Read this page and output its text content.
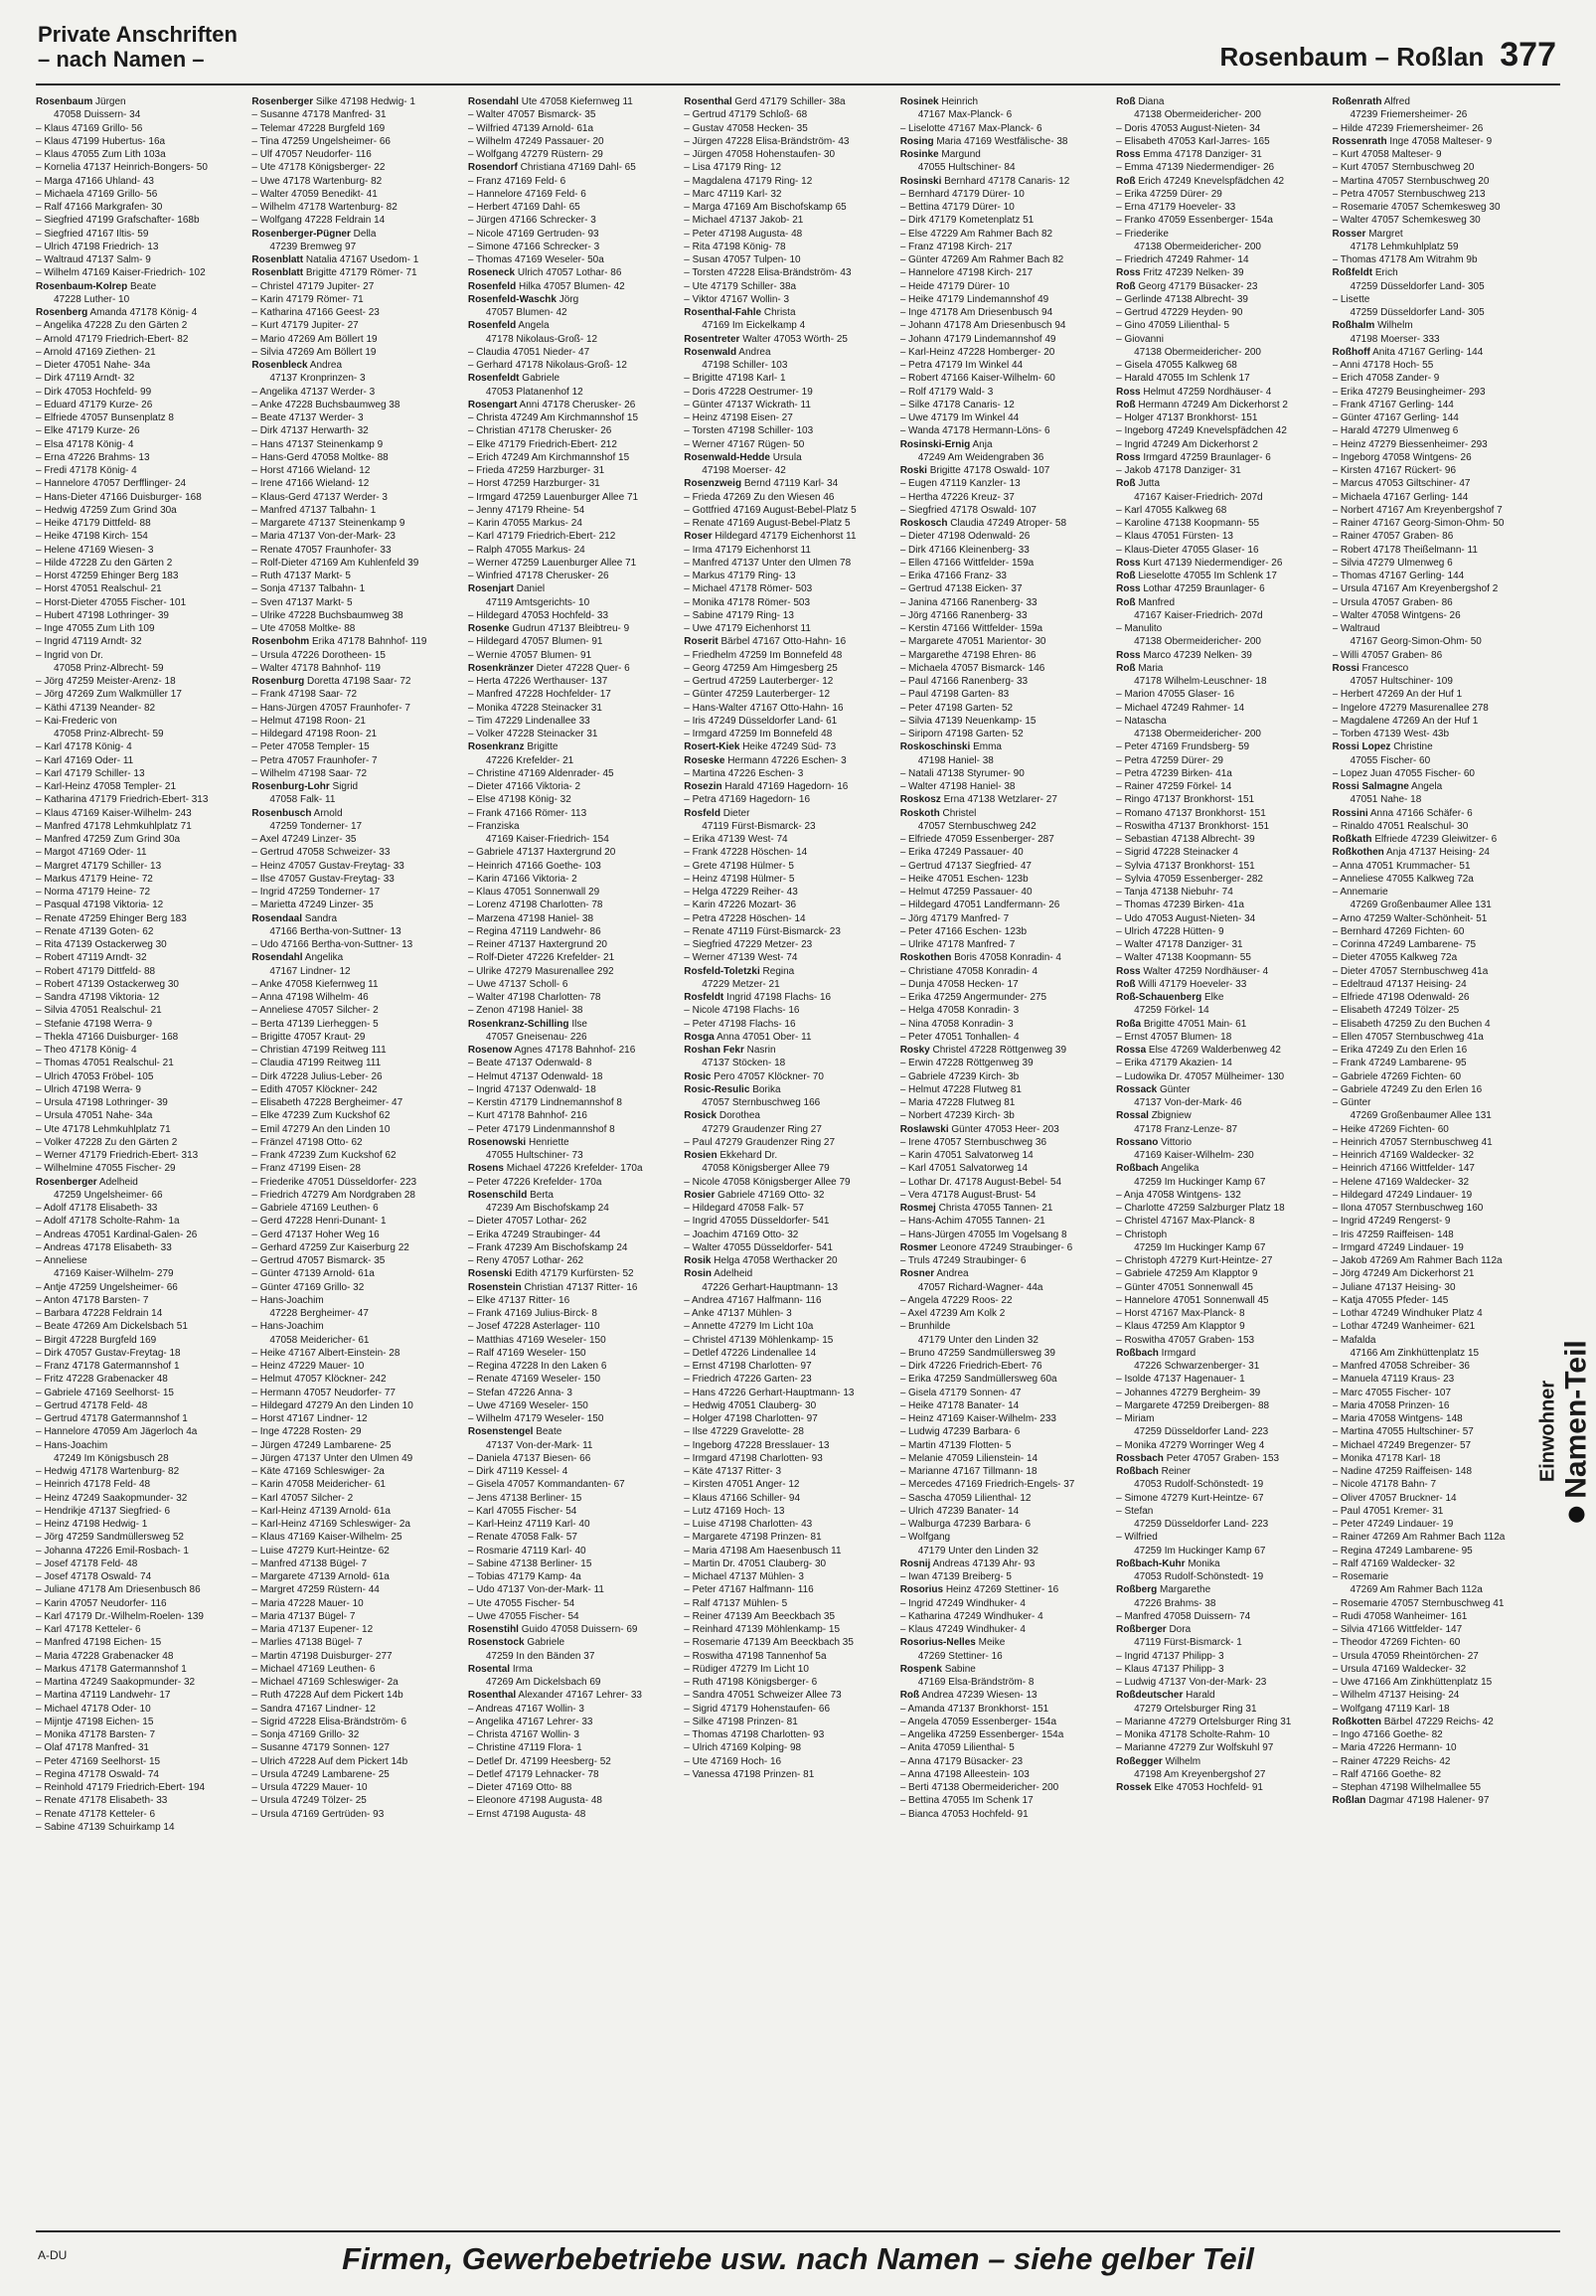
Private Anschriften
– nach Namen –	Rosenbaum – Roßlan 377
Rosenbaum Jürgen
47058 Duissern- 34
– Klaus 47169 Grillo- 56
– Klaus 47199 Hubertus- 16a
– Klaus 47055 Zum Lith 103a
– Kornelia 47137 Heinrich-Bongers- 50
– Marga 47166 Uhland- 43
– Michaela 47169 Grillo- 56
– Ralf 47166 Markgrafen- 30
– Siegfried 47199 Grafschafter- 168b
– Siegfried 47167 Iltis- 59
– Ulrich 47198 Friedrich- 13
– Waltraud 47137 Salm- 9
– Wilhelm 47169 Kaiser-Friedrich- 102
Rosenbaum-Kolrep Beate
47228 Luther- 10
Rosenberg Amanda 47178 König- 4
– Angelika 47228 Zu den Gärten 2
– Arnold 47179 Friedrich-Ebert- 82
– Arnold 47169 Ziethen- 21
– Dieter 47051 Nahe- 34a
– Dirk 47119 Arndt- 32
– Dirk 47053 Hochfeld- 99
– Eduard 47179 Kurze- 26
– Elfriede 47057 Bunsenplatz 8
– Elke 47179 Kurze- 26
– Elsa 47178 König- 4
– Erna 47226 Brahms- 13
– Fredi 47178 König- 4
– Hannelore 47057 Derfflinger- 24
– Hans-Dieter 47166 Duisburger- 168
– Hedwig 47259 Zum Grind 30a
– Heike 47179 Dittfeld- 88
– Heike 47198 Kirch- 154
– Helene 47169 Wiesen- 3
– Hilde 47228 Zu den Gärten 2
– Horst 47259 Ehinger Berg 183
– Horst 47051 Realschul- 21
– Horst-Dieter 47055 Fischer- 101
– Hubert 47198 Lothringer- 39
– Inge 47055 Zum Lith 109
– Ingrid 47119 Arndt- 32
– Ingrid von Dr.
47058 Prinz-Albrecht- 59
– Jörg 47259 Meister-Arenz- 18
– Jörg 47269 Zum Walkmüller 17
– Käthi 47139 Neander- 82
– Kai-Frederic von
47058 Prinz-Albrecht- 59
– Karl 47178 König- 4
– Karl 47169 Oder- 11
– Karl 47179 Schiller- 13
– Karl-Heinz 47058 Templer- 21
– Katharina 47179 Friedrich-Ebert- 313
– Klaus 47169 Kaiser-Wilhelm- 243
– Manfred 47178 Lehmkuhlplatz 71
– Manfred 47259 Zum Grind 30a
– Margot 47169 Oder- 11
– Margret 47179 Schiller- 13
– Markus 47179 Heine- 72
– Norma 47179 Heine- 72
– Pasqual 47198 Viktoria- 12
– Renate 47259 Ehinger Berg 183
– Renate 47139 Goten- 62
– Rita 47139 Ostackerweg 30
– Robert 47119 Arndt- 32
– Robert 47179 Dittfeld- 88
– Robert 47139 Ostackerweg 30
– Sandra 47198 Viktoria- 12
– Silvia 47051 Realschul- 21
– Stefanie 47198 Werra- 9
– Thekla 47166 Duisburger- 168
– Theo 47178 König- 4
– Thomas 47051 Realschul- 21
– Ulrich 47053 Fröbel- 105
– Ulrich 47198 Werra- 9
– Ursula 47198 Lothringer- 39
– Ursula 47051 Nahe- 34a
– Ute 47178 Lehmkuhlplatz 71
– Volker 47228 Zu den Gärten 2
– Werner 47179 Friedrich-Ebert- 313
– Wilhelmine 47055 Fischer- 29
Rosenberger Adelheid
47259 Ungelsheimer- 66
– Adolf 47178 Elisabeth- 33
– Adolf 47178 Scholte-Rahm- 1a
– Andreas 47051 Kardinal-Galen- 26
– Andreas 47178 Elisabeth- 33
– Anneliese
47169 Kaiser-Wilhelm- 279
– Antje 47259 Ungelsheimer- 66
– Anton 47178 Barsten- 7
– Barbara 47228 Feldrain 14
– Beate 47269 Am Dickelsbach 51
– Birgit 47228 Burgfeld 169
– Dirk 47057 Gustav-Freytag- 18
– Franz 47178 Gatermannshof 1
– Fritz 47228 Grabenacker 48
– Gabriele 47169 Seelhorst- 15
– Gertrud 47178 Feld- 48
– Gertrud 47178 Gatermannshof 1
– Hannelore 47059 Am Jägerloch 4a
– Hans-Joachim
47249 Im Königsbusch 28
– Hedwig 47178 Wartenburg- 82
– Heinrich 47178 Feld- 48
– Heinz 47249 Saakopmunder- 32
– Hendrikje 47137 Siegfried- 6
– Heinz 47198 Hedwig- 1
– Jörg 47259 Sandmüllersweg 52
– Johanna 47226 Emil-Rosbach- 1
– Josef 47178 Feld- 48
– Josef 47178 Oswald- 74
– Juliane 47178 Am Driesenbusch 86
– Karin 47057 Neudorfer- 116
– Karl 47179 Dr.-Wilhelm-Roelen- 139
– Karl 47178 Ketteler- 6
– Manfred 47198 Eichen- 15
– Maria 47228 Grabenacker 48
– Markus 47178 Gatermannshof 1
– Martina 47249 Saakopmunder- 32
– Martina 47119 Landwehr- 17
– Michael 47178 Oder- 10
– Mijntje 47198 Eichen- 15
– Monika 47178 Barsten- 7
– Olaf 47178 Manfred- 31
– Peter 47169 Seelhorst- 15
– Regina 47178 Oswald- 74
– Reinhold 47179 Friedrich-Ebert- 194
– Renate 47178 Elisabeth- 33
– Renate 47178 Ketteler- 6
– Sabine 47139 Schuirkamp 14
Rosenberger Silke 47198 Hedwig- 1
– Susanne 47178 Manfred- 31
– Telemar 47228 Burgfeld 169
– Tina 47259 Ungelsheimer- 66
– Ulf 47057 Neudorfer- 116
– Ute 47178 Königsberger- 22
– Uwe 47178 Wartenburg- 82
– Walter 47059 Benedikt- 41
– Wilhelm 47178 Wartenburg- 82
– Wolfgang 47228 Feldrain 14
Rosenberger-Pügner Della
47239 Bremweg 97
Rosenblatt Natalia 47167 Usedom- 1
Rosenblatt Brigitte 47179 Römer- 71
– Christel 47179 Jupiter- 27
– Karin 47179 Römer- 71
– Katharina 47166 Geest- 23
– Kurt 47179 Jupiter- 27
– Mario 47269 Am Böllert 19
– Silvia 47269 Am Böllert 19
Rosenbleck Andrea
47137 Kronprinzen- 3
– Angelika 47137 Werder- 3
– Anke 47228 Buchsbaumweg 38
– Beate 47137 Werder- 3
– Dirk 47137 Herwarth- 32
– Hans 47137 Steinenkamp 9
– Hans-Gerd 47058 Moltke- 88
– Horst 47166 Wieland- 12
– Irene 47166 Wieland- 12
– Klaus-Gerd 47137 Werder- 3
– Manfred 47137 Talbahn- 1
– Margarete 47137 Steinenkamp 9
– Maria 47137 Von-der-Mark- 23
– Renate 47057 Fraunhofer- 33
– Rolf-Dieter 47169 Am Kuhlenfeld 39
– Ruth 47137 Markt- 5
– Sonja 47137 Talbahn- 1
– Sven 47137 Markt- 5
– Ulrike 47228 Buchsbaumweg 38
– Ute 47058 Moltke- 88
Rosenbohm Erika 47178 Bahnhof- 119
– Ursula 47226 Dorotheen- 15
– Walter 47178 Bahnhof- 119
Rosenburg Doretta 47198 Saar- 72
– Frank 47198 Saar- 72
– Hans-Jürgen 47057 Fraunhofer- 7
– Helmut 47198 Roon- 21
– Hildegard 47198 Roon- 21
– Peter 47058 Templer- 15
– Petra 47057 Fraunhofer- 7
– Wilhelm 47198 Saar- 72
Rosenburg-Lohr Sigrid
47058 Falk- 11
Rosenbusch Arnold
47259 Tonderner- 17
– Axel 47249 Linzer- 35
– Gertrud 47058 Schweizer- 33
– Heinz 47057 Gustav-Freytag- 33
– Ilse 47057 Gustav-Freytag- 33
– Ingrid 47259 Tonderner- 17
– Marietta 47249 Linzer- 35
Rosendaal Sandra
47166 Bertha-von-Suttner- 13
– Udo 47166 Bertha-von-Suttner- 13
Rosendahl Angelika
47167 Lindner- 12
– Anke 47058 Kiefernweg 11
– Anna 47198 Wilhelm- 46
– Anneliese 47057 Silcher- 2
– Berta 47139 Lierheggen- 5
– Brigitte 47057 Kraut- 29
– Christian 47199 Reitweg 111
– Claudia 47199 Reitweg 111
– Dirk 47228 Julius-Leber- 26
– Edith 47057 Klöckner- 242
– Elisabeth 47228 Bergheimer- 47
– Elke 47239 Zum Kuckshof 62
– Emil 47279 An den Linden 10
– Fränzel 47198 Otto- 62
– Frank 47239 Zum Kuckshof 62
– Franz 47199 Eisen- 28
– Friederike 47051 Düsseldorfer- 223
– Friedrich 47279 Am Nordgraben 28
– Gabriele 47169 Leuthen- 6
– Gerd 47228 Henri-Dunant- 1
– Gerd 47137 Hoher Weg 16
– Gerhard 47259 Zur Kaiserburg 22
– Gertrud 47057 Bismarck- 35
– Günter 47139 Arnold- 61a
– Günter 47169 Grillo- 32
– Hans-Joachim
47228 Bergheimer- 47
– Hans-Joachim
47058 Meidericher- 61
– Heike 47167 Albert-Einstein- 28
– Heinz 47229 Mauer- 10
– Helmut 47057 Klöckner- 242
– Hermann 47057 Neudorfer- 77
– Hildegard 47279 An den Linden 10
– Horst 47167 Lindner- 12
– Inge 47228 Rosten- 29
– Jürgen 47249 Lambarene- 25
– Jürgen 47137 Unter den Ulmen 49
– Käte 47169 Schleswiger- 2a
– Karin 47058 Meidericher- 61
– Karl 47057 Silcher- 2
– Karl-Heinz 47139 Arnold- 61a
– Karl-Heinz 47169 Schleswiger- 2a
– Klaus 47169 Kaiser-Wilhelm- 25
– Luise 47279 Kurt-Heintze- 62
– Manfred 47138 Bügel- 7
– Margarete 47139 Arnold- 61a
– Margret 47259 Rüstern- 44
– Maria 47228 Mauer- 10
– Maria 47137 Bügel- 7
– Maria 47137 Eupener- 12
– Marlies 47138 Bügel- 7
– Martin 47198 Duisburger- 277
– Michael 47169 Leuthen- 6
– Michael 47169 Schleswiger- 2a
– Ruth 47228 Auf dem Pickert 14b
– Sandra 47167 Lindner- 12
– Sigrid 47228 Elisa-Brändström- 6
– Sonja 47169 Grillo- 32
– Susanne 47179 Sonnen- 127
– Ulrich 47228 Auf dem Pickert 14b
– Ursula 47249 Lambarene- 25
– Ursula 47229 Mauer- 10
– Ursula 47249 Tölzer- 25
– Ursula 47169 Gertrüden- 93
Rosendahl Ute 47058 Kiefernweg 11
– Walter 47057 Bismarck- 35
– Wilfried 47139 Arnold- 61a
– Wilhelm 47249 Passauer- 20
– Wolfgang 47279 Rüstern- 29
Rosendorf Christiana 47169 Dahl- 65
– Franz 47169 Feld- 6
– Hannelore 47169 Feld- 6
– Herbert 47169 Dahl- 65
– Jürgen 47166 Schrecker- 3
– Nicole 47169 Gertruden- 93
– Simone 47166 Schrecker- 3
– Thomas 47169 Weseler- 50a
Roseneck Ulrich 47057 Lothar- 86
Rosenfeld Hilka 47057 Blumen- 42
Rosenfeld-Waschk Jörg
47057 Blumen- 42
Rosenfeld Angela
47178 Nikolaus-Groß- 12
– Claudia 47051 Nieder- 47
– Gerhard 47178 Nikolaus-Groß- 12
Rosenfeldt Gabriele
47053 Platanenhof 12
Rosengart Anni 47178 Cherusker- 26
– Christa 47249 Am Kirchmannshof 15
– Christian 47178 Cherusker- 26
– Elke 47179 Friedrich-Ebert- 212
– Erich 47249 Am Kirchmannshof 15
– Frieda 47259 Harzburger- 31
– Horst 47259 Harzburger- 31
– Irmgard 47259 Lauenburger Allee 71
– Jenny 47179 Rheine- 54
– Karin 47055 Markus- 24
– Karl 47179 Friedrich-Ebert- 212
– Ralph 47055 Markus- 24
– Werner 47259 Lauenburger Allee 71
– Winfried 47178 Cherusker- 26
Rosenjart Daniel
47119 Amtsgerichts- 10
– Hildegard 47053 Hochfeld- 33
Rosenke Gudrun 47137 Bleibtreu- 9
– Hildegard 47057 Blumen- 91
– Wernie 47057 Blumen- 91
Rosenkränzer Dieter 47228 Quer- 6
– Herta 47226 Werthauser- 137
– Manfred 47228 Hochfelder- 17
– Monika 47228 Steinacker 31
– Tim 47229 Lindenallee 33
– Volker 47228 Steinacker 31
Rosenkranz Brigitte
47226 Krefelder- 21
– Christine 47169 Aldenrader- 45
– Dieter 47166 Viktoria- 2
– Else 47198 König- 32
– Frank 47166 Römer- 113
– Franziska
47169 Kaiser-Friedrich- 154
– Gabriele 47137 Haxtergrund 20
– Heinrich 47166 Goethe- 103
– Karin 47166 Viktoria- 2
– Klaus 47051 Sonnenwall 29
– Lorenz 47198 Charlotten- 78
– Marzena 47198 Haniel- 38
– Regina 47119 Landwehr- 86
– Reiner 47137 Haxtergrund 20
– Rolf-Dieter 47226 Krefelder- 21
– Ulrike 47279 Masurenallee 292
– Uwe 47137 Scholl- 6
– Walter 47198 Charlotten- 78
– Zenon 47198 Haniel- 38
Rosenkranz-Schilling Ilse
47057 Gneisenau- 226
Rosenow Agnes 47178 Bahnhof- 216
– Beate 47137 Odenwald- 8
– Helmut 47137 Odenwald- 18
– Ingrid 47137 Odenwald- 18
– Kerstin 47179 Lindnemannshof 8
– Kurt 47178 Bahnhof- 216
– Peter 47179 Lindenmannshof 8
Rosenowski Henriette
47055 Hultschiner- 73
Rosens Michael 47226 Krefelder- 170a
– Peter 47226 Krefelder- 170a
Rosenschild Berta
47239 Am Bischofskamp 24
– Dieter 47057 Lothar- 262
– Erika 47249 Straubinger- 44
– Frank 47239 Am Bischofskamp 24
– Reny 47057 Lothar- 262
Rosenski Edith 47179 Kurfürsten- 52
Rosenstein Christian 47137 Ritter- 16
– Elke 47137 Ritter- 16
– Frank 47169 Julius-Birck- 8
– Josef 47228 Asterlager- 110
– Matthias 47169 Weseler- 150
– Ralf 47169 Weseler- 150
– Regina 47228 In den Laken 6
– Renate 47169 Weseler- 150
– Stefan 47226 Anna- 3
– Uwe 47169 Weseler- 150
– Wilhelm 47179 Weseler- 150
Rosenstengel Beate
47137 Von-der-Mark- 11
– Daniela 47137 Biesen- 66
– Dirk 47119 Kessel- 4
– Gisela 47057 Kommandanten- 67
– Jens 47138 Berliner- 15
– Karl 47055 Fischer- 54
– Karl-Heinz 47119 Karl- 40
– Renate 47058 Falk- 57
– Rosmarie 47119 Karl- 40
– Sabine 47138 Berliner- 15
– Tobias 47179 Kamp- 4a
– Udo 47137 Von-der-Mark- 11
– Ute 47055 Fischer- 54
– Uwe 47055 Fischer- 54
Rosenstihl Guido 47058 Duissern- 69
Rosenstock Gabriele
47259 In den Bänden 37
Rosental Irma
47269 Am Dickelsbach 69
Rosenthal Alexander 47167 Lehrer- 33
– Andreas 47167 Wollin- 3
– Angelika 47167 Lehrer- 33
– Christa 47167 Wollin- 3
– Christine 47119 Flora- 1
– Detlef Dr. 47199 Heesberg- 52
– Detlef 47179 Lehnacker- 78
– Dieter 47169 Otto- 88
– Eleonore 47198 Augusta- 48
– Ernst 47198 Augusta- 48
Rosenthal Gerd 47179 Schiller- 38a
– Gertrud 47179 Schloß- 68
– Gustav 47058 Hecken- 35
– Jürgen 47228 Elisa-Brändström- 43
– Jürgen 47058 Hohenstaufen- 30
– Lisa 47179 Ring- 12
– Magdalena 47179 Ring- 12
– Marc 47119 Karl- 32
– Marga 47169 Am Bischofskamp 65
– Michael 47137 Jakob- 21
– Peter 47198 Augusta- 48
– Rita 47198 König- 78
– Susan 47057 Tulpen- 10
– Torsten 47228 Elisa-Brändström- 43
– Ute 47179 Schiller- 38a
– Viktor 47167 Wollin- 3
Rosenthal-Fahle Christa
47169 Im Eickelkamp 4
Rosentreter Walter 47053 Wörth- 25
Rosenwald Andrea
47198 Schiller- 103
– Brigitte 47198 Karl- 1
– Doris 47228 Oestrumer- 19
– Günter 47137 Wickrath- 11
– Heinz 47198 Eisen- 27
– Torsten 47198 Schiller- 103
– Werner 47167 Rügen- 50
Rosenwald-Hedde Ursula
47198 Moerser- 42
Rosenzweig Bernd 47119 Karl- 34
– Frieda 47269 Zu den Wiesen 46
– Gottfried 47169 August-Bebel-Platz 5
– Renate 47169 August-Bebel-Platz 5
Roser Hildegard 47179 Eichenhorst 11
– Irma 47179 Eichenhorst 11
– Manfred 47137 Unter den Ulmen 78
– Markus 47179 Ring- 13
– Michael 47178 Römer- 503
– Monika 47178 Römer- 503
– Sabine 47179 Ring- 13
– Uwe 47179 Eichenhorst 11
Roserit Bärbel 47167 Otto-Hahn- 16
– Friedhelm 47259 Im Bonnefeld 48
– Georg 47259 Am Himgesberg 25
– Gertrud 47259 Lauterberger- 12
– Günter 47259 Lauterberger- 12
– Hans-Walter 47167 Otto-Hahn- 16
– Iris 47249 Düsseldorfer Land- 61
– Irmgard 47259 Im Bonnefeld 48
Rosert-Kiek Heike 47249 Süd- 73
Roseske Hermann 47226 Eschen- 3
– Martina 47226 Eschen- 3
Rosezin Harald 47169 Hagedorn- 16
– Petra 47169 Hagedorn- 16
Rosfeld Dieter
47119 Fürst-Bismarck- 23
– Erika 47139 West- 74
– Frank 47228 Höschen- 14
– Grete 47198 Hülmer- 5
– Heinz 47198 Hülmer- 5
– Helga 47229 Reiher- 43
– Karin 47226 Mozart- 36
– Petra 47228 Höschen- 14
– Renate 47119 Fürst-Bismarck- 23
– Siegfried 47229 Metzer- 23
– Werner 47139 West- 74
Rosfeld-Toletzki Regina
47229 Metzer- 21
Rosfeldt Ingrid 47198 Flachs- 16
– Nicole 47198 Flachs- 16
– Peter 47198 Flachs- 16
Rosga Anna 47051 Ober- 11
Roshan Fekr Nasrin
47137 Stöcken- 18
Rosic Pero 47057 Klöckner- 70
Rosic-Resulic Borika
47057 Sternbuschweg 166
Rosick Dorothea
47279 Graudenzer Ring 27
– Paul 47279 Graudenzer Ring 27
Rosien Ekkehard Dr.
47058 Königsberger Allee 79
– Nicole 47058 Königsberger Allee 79
Rosier Gabriele 47169 Otto- 32
– Hildegard 47058 Falk- 57
– Ingrid 47055 Düsseldorfer- 541
– Joachim 47169 Otto- 32
– Walter 47055 Düsseldorfer- 541
Rosik Helga 47058 Werthacker 20
Rosin Adelheid
47226 Gerhart-Hauptmann- 13
– Andrea 47167 Halfmann- 116
– Anke 47137 Mühlen- 3
– Annette 47279 Im Licht 10a
– Christel 47139 Möhlenkamp- 15
– Detlef 47226 Lindenallee 14
– Ernst 47198 Charlotten- 97
– Friedrich 47226 Garten- 23
– Hans 47226 Gerhart-Hauptmann- 13
– Hedwig 47051 Clauberg- 30
– Holger 47198 Charlotten- 97
– Ilse 47229 Gravelotte- 28
– Ingeborg 47228 Bresslauer- 13
– Irmgard 47198 Charlotten- 93
– Käte 47137 Ritter- 3
– Kirsten 47051 Anger- 12
– Klaus 47166 Schiller- 94
– Lutz 47169 Hoch- 13
– Luise 47198 Charlotten- 43
– Margarete 47198 Prinzen- 81
– Maria 47198 Am Haesenbusch 11
– Martin Dr. 47051 Clauberg- 30
– Michael 47137 Mühlen- 3
– Peter 47167 Halfmann- 116
– Ralf 47137 Mühlen- 5
– Reiner 47139 Am Beeckbach 35
– Reinhard 47139 Möhlenkamp- 15
– Rosemarie 47139 Am Beeckbach 35
– Roswitha 47198 Tannenhof 5a
– Rüdiger 47279 Im Licht 10
– Ruth 47198 Königsberger- 6
– Sandra 47051 Schweizer Allee 73
– Sigrid 47179 Hohenstaufen- 66
– Silke 47198 Prinzen- 81
– Thomas 47198 Charlotten- 93
– Ulrich 47169 Kolping- 98
– Ute 47169 Hoch- 16
– Vanessa 47198 Prinzen- 81
Rosinek Heinrich
47167 Max-Planck- 6
– Liselotte 47167 Max-Planck- 6
Rosing Maria 47169 Westfälische- 38
Rosinke Margund
47055 Hultschiner- 84
Rosinski Bernhard 47178 Canaris- 12
– Bernhard 47179 Dürer- 10
– Bettina 47179 Dürer- 10
– Dirk 47179 Kometenplatz 51
– Else 47229 Am Rahmer Bach 82
– Franz 47198 Kirch- 217
– Günter 47269 Am Rahmer Bach 82
– Hannelore 47198 Kirch- 217
– Heide 47179 Dürer- 10
– Heike 47179 Lindemannshof 49
– Inge 47178 Am Driesenbusch 94
– Johann 47178 Am Driesenbusch 94
– Johann 47179 Lindemannshof 49
– Karl-Heinz 47228 Homberger- 20
– Petra 47179 Im Winkel 44
– Robert 47166 Kaiser-Wilhelm- 60
– Rolf 47179 Wald- 3
– Silke 47178 Canaris- 12
– Uwe 47179 Im Winkel 44
– Wanda 47178 Hermann-Löns- 6
Rosinski-Ernig Anja
47249 Am Weidengraben 36
Roski Brigitte 47178 Oswald- 107
– Eugen 47119 Kanzler- 13
– Hertha 47226 Kreuz- 37
– Siegfried 47178 Oswald- 107
Roskosch Claudia 47249 Atroper- 58
– Dieter 47198 Odenwald- 26
– Dirk 47166 Kleinenberg- 33
– Ellen 47166 Wittfelder- 159a
– Erika 47166 Franz- 33
– Gertrud 47138 Eicken- 37
– Janina 47166 Ranenberg- 33
– Jörg 47166 Ranenberg- 33
– Kerstin 47166 Wittfelder- 159a
– Margarete 47051 Marientor- 30
– Margarethe 47198 Ehren- 86
– Michaela 47057 Bismarck- 146
– Paul 47166 Ranenberg- 33
– Paul 47198 Garten- 83
– Peter 47198 Garten- 52
– Silvia 47139 Neuenkamp- 15
– Siriporn 47198 Garten- 52
Roskoschinski Emma
47198 Haniel- 38
– Natali 47138 Styrumer- 90
– Walter 47198 Haniel- 38
Roskosz Erna 47138 Wetzlarer- 27
Roskoth Christel
47057 Sternbuschweg 242
– Elfriede 47059 Essenberger- 287
– Erika 47249 Passauer- 40
– Gertrud 47137 Siegfried- 47
– Heike 47051 Eschen- 123b
– Helmut 47259 Passauer- 40
– Hildegard 47051 Landfermann- 26
– Jörg 47179 Manfred- 7
– Peter 47166 Eschen- 123b
– Ulrike 47178 Manfred- 7
Roskothen Boris 47058 Konradin- 4
– Christiane 47058 Konradin- 4
– Dunja 47058 Hecken- 17
– Erika 47259 Angermunder- 275
– Helga 47058 Konradin- 3
– Nina 47058 Konradin- 3
– Peter 47051 Tonhallen- 4
Rosky Christel 47228 Röttgenweg 39
– Erwin 47228 Röttgenweg 39
– Gabriele 47239 Kirch- 3b
– Helmut 47228 Flutweg 81
– Maria 47228 Flutweg 81
– Norbert 47239 Kirch- 3b
Roslawski Günter 47053 Heer- 203
– Irene 47057 Sternbuschweg 36
– Karin 47051 Salvatorweg 14
– Karl 47051 Salvatorweg 14
– Lothar Dr. 47178 August-Bebel- 54
– Vera 47178 August-Brust- 54
Rosmej Christa 47055 Tannen- 21
– Hans-Achim 47055 Tannen- 21
– Hans-Jürgen 47055 Im Vogelsang 8
Rosmer Leonore 47249 Straubinger- 6
– Truls 47249 Straubinger- 6
Rosner Andrea
47057 Richard-Wagner- 44a
– Angela 47229 Roos- 22
– Axel 47239 Am Kolk 2
– Brunhilde
47179 Unter den Linden 32
– Bruno 47259 Sandmüllersweg 39
– Dirk 47226 Friedrich-Ebert- 76
– Erika 47259 Sandmüllersweg 60a
– Gisela 47179 Sonnen- 47
– Heike 47178 Banater- 14
– Heinz 47169 Kaiser-Wilhelm- 233
– Ludwig 47239 Barbara- 6
– Martin 47139 Flotten- 5
– Melanie 47059 Lilienstein- 14
– Marianne 47167 Tillmann- 18
– Mercedes 47169 Friedrich-Engels- 37
– Sascha 47059 Lilienthal- 12
– Ulrich 47239 Banater- 14
– Walburga 47239 Barbara- 6
– Wolfgang
47179 Unter den Linden 32
Rosnij Andreas 47139 Ahr- 93
– Iwan 47139 Breiberg- 5
Rosorius Heinz 47269 Stettiner- 16
– Ingrid 47249 Windhuker- 4
– Katharina 47249 Windhuker- 4
– Klaus 47249 Windhuker- 4
Rosorius-Nelles Meike
47269 Stettiner- 16
Rospenk Sabine
47169 Elsa-Brändström- 8
Roß Andrea 47239 Wiesen- 13
– Amanda 47137 Bronkhorst- 151
– Angela 47059 Essenberger- 154a
– Angelika 47259 Essenberger- 154a
– Anita 47059 Lilienthal- 5
– Anna 47179 Büsacker- 23
– Anna 47198 Alleestein- 103
– Berti 47138 Obermeidericher- 200
– Bettina 47055 Im Schenk 17
– Bianca 47053 Hochfeld- 91
Roß Diana
47138 Obermeidericher- 200
– Doris 47053 August-Nieten- 34
– Elisabeth 47053 Karl-Jarres- 165
Ross Emma 47178 Danziger- 31
– Emma 47139 Niedermendiger- 26
Roß Erich 47249 Knevelspfädchen 42
– Erika 47259 Dürer- 29
– Erna 47179 Hoeveler- 33
– Franko 47059 Essenberger- 154a
– Friederike
47138 Obermeidericher- 200
– Friedrich 47249 Rahmer- 14
Ross Fritz 47239 Nelken- 39
Roß Georg 47179 Büsacker- 23
– Gerlinde 47138 Albrecht- 39
– Gertrud 47229 Heyden- 90
– Gino 47059 Lilienthal- 5
– Giovanni
47138 Obermeidericher- 200
– Gisela 47055 Kalkweg 68
– Harald 47055 Im Schlenk 17
Ross Helmut 47259 Nordhäuser- 4
Roß Hermann 47249 Am Dickerhorst 2
– Holger 47137 Bronkhorst- 151
– Ingeborg 47249 Knevelspfädchen 42
– Ingrid 47249 Am Dickerhorst 2
Ross Irmgard 47259 Braunlager- 6
– Jakob 47178 Danziger- 31
Roß Jutta
47167 Kaiser-Friedrich- 207d
– Karl 47055 Kalkweg 68
– Karoline 47138 Koopmann- 55
– Klaus 47051 Fürsten- 13
– Klaus-Dieter 47055 Glaser- 16
Ross Kurt 47139 Niedermendiger- 26
Roß Lieselotte 47055 Im Schlenk 17
Ross Lothar 47259 Braunlager- 6
Roß Manfred
47167 Kaiser-Friedrich- 207d
– Manulito
47138 Obermeidericher- 200
Ross Marco 47239 Nelken- 39
Roß Maria
47178 Wilhelm-Leuschner- 18
– Marion 47055 Glaser- 16
– Michael 47249 Rahmer- 14
– Natascha
47138 Obermeidericher- 200
– Peter 47169 Frundsberg- 59
– Petra 47259 Dürer- 29
– Petra 47239 Birken- 41a
– Rainer 47259 Förkel- 14
– Ringo 47137 Bronkhorst- 151
– Romano 47137 Bronkhorst- 151
– Roswitha 47137 Bronkhorst- 151
– Sebastian 47138 Albrecht- 39
– Sigrid 47228 Steinacker 4
– Sylvia 47137 Bronkhorst- 151
– Sylvia 47059 Essenberger- 282
– Tanja 47138 Niebuhr- 74
– Thomas 47239 Birken- 41a
– Udo 47053 August-Nieten- 34
– Ulrich 47228 Hütten- 9
– Walter 47178 Danziger- 31
– Walter 47138 Koopmann- 55
Ross Walter 47259 Nordhäuser- 4
Roß Willi 47179 Hoeveler- 33
Roß-Schauenberg Elke
47259 Förkel- 14
Roßa Brigitte 47051 Main- 61
– Ernst 47057 Blumen- 18
Rossa Else 47269 Walderbenweg 42
– Erika 47179 Akazien- 14
– Ludowika Dr. 47057 Mülheimer- 130
Rossack Günter
47137 Von-der-Mark- 46
Rossal Zbigniew
47178 Franz-Lenze- 87
Rossano Vittorio
47169 Kaiser-Wilhelm- 230
Roßbach Angelika
47259 Im Huckinger Kamp 67
– Anja 47058 Wintgens- 132
– Charlotte 47259 Salzburger Platz 18
– Christel 47167 Max-Planck- 8
– Christoph
47259 Im Huckinger Kamp 67
– Christoph 47279 Kurt-Heintze- 27
– Gabriele 47259 Am Klapptor 9
– Günter 47051 Sonnenwall 45
– Hannelore 47051 Sonnenwall 45
– Horst 47167 Max-Planck- 8
– Klaus 47259 Am Klapptor 9
– Roswitha 47057 Graben- 153
Roßbach Irmgard
47226 Schwarzenberger- 31
– Isolde 47137 Hagenauer- 1
– Johannes 47279 Bergheim- 39
– Margarete 47259 Dreibergen- 88
– Miriam
47259 Düsseldorfer Land- 223
– Monika 47279 Worringer Weg 4
Rossbach Peter 47057 Graben- 153
Roßbach Reiner
47053 Rudolf-Schönstedt- 19
– Simone 47279 Kurt-Heintze- 67
– Stefan
47259 Düsseldorfer Land- 223
– Wilfried
47259 Im Huckinger Kamp 67
Roßbach-Kuhr Monika
47053 Rudolf-Schönstedt- 19
Roßberg Margarethe
47226 Brahms- 38
– Manfred 47058 Duissern- 74
Roßberger Dora
47119 Fürst-Bismarck- 1
– Ingrid 47137 Philipp- 3
– Klaus 47137 Philipp- 3
– Ludwig 47137 Von-der-Mark- 23
Roßdeutscher Harald
47279 Ortelsburger Ring 31
– Marianne 47279 Ortelsburger Ring 31
– Monika 47178 Scholte-Rahm- 10
– Marianne 47279 Zur Wolfskuhl 97
Roßegger Wilhelm
47198 Am Kreyenbergshof 27
Rossek Elke 47053 Hochfeld- 91
Roßenrath Alfred
47239 Friemersheimer- 26
– Hilde 47239 Friemersheimer- 26
Rossenrath Inge 47058 Malteser- 9
– Kurt 47058 Malteser- 9
– Kurt 47057 Sternbuschweg 20
– Martina 47057 Sternbuschweg 20
– Petra 47057 Sternbuschweg 213
– Rosemarie 47057 Schemkesweg 30
– Walter 47057 Schemkesweg 30
Rosser Margret
47178 Lehmkuhlplatz 59
– Thomas 47178 Am Witrahm 9b
Roßfeldt Erich
47259 Düsseldorfer Land- 305
– Lisette
47259 Düsseldorfer Land- 305
Roßhalm Wilhelm
47198 Moerser- 333
Roßhoff Anita 47167 Gerling- 144
– Anni 47178 Hoch- 55
– Erich 47058 Zander- 9
– Erika 47279 Beusingheimer- 293
– Frank 47167 Gerling- 144
– Günter 47167 Gerling- 144
– Harald 47279 Ulmenweg 6
– Heinz 47279 Biessenheimer- 293
– Ingeborg 47058 Wintgens- 26
– Kirsten 47167 Rückert- 96
– Marcus 47053 Giltschiner- 47
– Michaela 47167 Gerling- 144
– Norbert 47167 Am Kreyenbergshof 7
– Rainer 47167 Georg-Simon-Ohm- 50
– Rainer 47057 Graben- 86
– Robert 47178 Theißelmann- 11
– Silvia 47279 Ulmenweg 6
– Thomas 47167 Gerling- 144
– Ursula 47167 Am Kreyenbergshof 2
– Ursula 47057 Graben- 86
– Walter 47058 Wintgens- 26
– Waltraud
47167 Georg-Simon-Ohm- 50
– Willi 47057 Graben- 86
Rossi Francesco
47057 Hultschiner- 109
– Herbert 47269 An der Huf 1
– Ingelore 47279 Masurenallee 278
– Magdalene 47269 An der Huf 1
– Torben 47139 West- 43b
Rossi Lopez Christine
47055 Fischer- 60
– Lopez Juan 47055 Fischer- 60
Rossi Salmagne Angela
47051 Nahe- 18
Rossini Anna 47166 Schäfer- 6
– Rinaldo 47051 Realschul- 30
Roßkath Elfriede 47239 Gleiwitzer- 6
Roßkothen Anja 47137 Heising- 24
– Anna 47051 Krummacher- 51
– Anneliese 47055 Kalkweg 72a
– Annemarie
47269 Großenbaumer Allee 131
– Arno 47259 Walter-Schönheit- 51
– Bernhard 47269 Fichten- 60
– Corinna 47249 Lambarene- 75
– Dieter 47055 Kalkweg 72a
– Dieter 47057 Sternbuschweg 41a
– Edeltraud 47137 Heising- 24
– Elfriede 47198 Odenwald- 26
– Elisabeth 47249 Tölzer- 25
– Elisabeth 47259 Zu den Buchen 4
– Ellen 47057 Sternbuschweg 41a
– Erika 47249 Zu den Erlen 16
– Frank 47249 Lambarene- 95
– Gabriele 47269 Fichten- 60
– Gabriele 47249 Zu den Erlen 16
– Günter
47269 Großenbaumer Allee 131
– Heike 47269 Fichten- 60
– Heinrich 47057 Sternbuschweg 41
– Heinrich 47169 Waldecker- 32
– Heinrich 47166 Wittfelder- 147
– Helene 47169 Waldecker- 32
– Hildegard 47249 Lindauer- 19
– Ilona 47057 Sternbuschweg 160
– Ingrid 47249 Rengerst- 9
– Iris 47259 Raiffeisen- 148
– Irmgard 47249 Lindauer- 19
– Jakob 47269 Am Rahmer Bach 112a
– Jörg 47249 Am Dickerhorst 21
– Juliane 47137 Heising- 30
– Katja 47055 Pfeder- 145
– Lothar 47249 Windhuker Platz 4
– Lothar 47249 Wanheimer- 621
– Mafalda
47166 Am Zinkhüttenplatz 15
– Manfred 47058 Schreiber- 36
– Manuela 47119 Kraus- 23
– Marc 47055 Fischer- 107
– Maria 47058 Prinzen- 16
– Maria 47058 Wintgens- 148
– Martina 47055 Hultschiner- 57
– Michael 47249 Bregenzer- 57
– Monika 47178 Karl- 18
– Nadine 47259 Raiffeisen- 148
– Nicole 47178 Bahn- 7
– Oliver 47057 Bruckner- 14
– Paul 47051 Kremer- 31
– Peter 47249 Lindauer- 19
– Rainer 47269 Am Rahmer Bach 112a
– Regina 47249 Lambarene- 95
– Ralf 47169 Waldecker- 32
– Rosemarie
47269 Am Rahmer Bach 112a
– Rosemarie 47057 Sternbuschweg 41
– Rudi 47058 Wanheimer- 161
– Silvia 47166 Wittfelder- 147
– Theodor 47269 Fichten- 60
– Ursula 47059 Rheintörchen- 27
– Ursula 47169 Waldecker- 32
– Uwe 47166 Am Zinkhüttenplatz 15
– Wilhelm 47137 Heising- 24
– Wolfgang 47119 Karl- 18
Roßkotten Bärbel 47229 Reichs- 42
– Ingo 47166 Goethe- 82
– Maria 47226 Hermann- 10
– Rainer 47229 Reichs- 42
– Ralf 47166 Goethe- 82
– Stephan 47198 Wilhelmallee 55
Roßlan Dagmar 47198 Halener- 97
Einwohner Namen-Teil
A-DU	Firmen, Gewerbebetriebe usw. nach Namen – siehe gelber Teil
